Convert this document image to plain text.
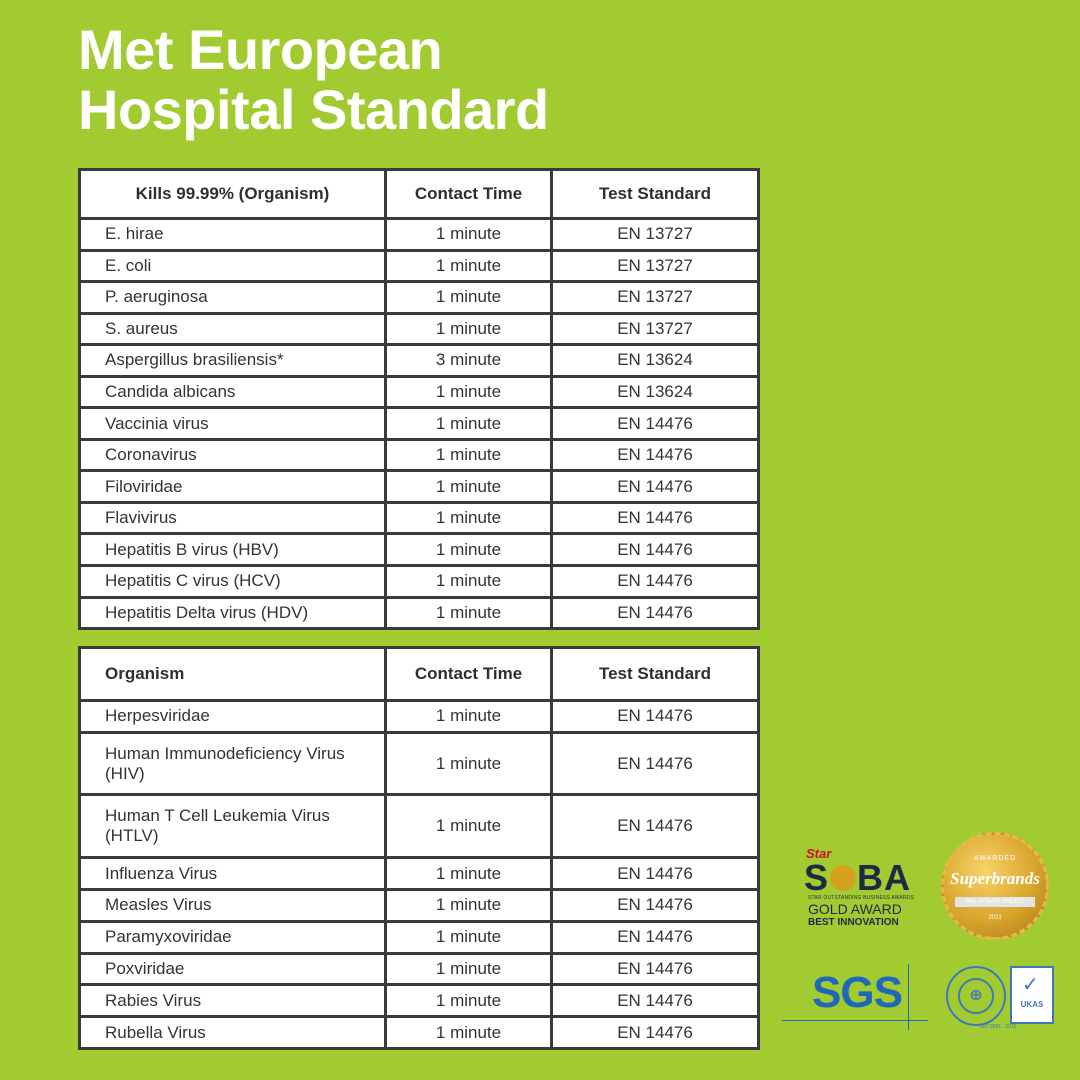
Met European
Hospital Standard
Kills 99.99% (Organism)	Contact Time	Test Standard
E. hirae	1 minute	EN 13727
E. coli	1 minute	EN 13727
P. aeruginosa	1 minute	EN 13727
S. aureus	1 minute	EN 13727
Aspergillus brasiliensis*	3 minute	EN 13624
Candida albicans	1 minute	EN 13624
Vaccinia virus	1 minute	EN 14476
Coronavirus	1 minute	EN 14476
Filoviridae	1 minute	EN 14476
Flavivirus	1 minute	EN 14476
Hepatitis B virus (HBV)	1 minute	EN 14476
Hepatitis C virus (HCV)	1 minute	EN 14476
Hepatitis Delta virus (HDV)	1 minute	EN 14476
Organism	Contact Time	Test Standard
Herpesviridae	1 minute	EN 14476
Human Immunodeficiency Virus (HIV)	1 minute	EN 14476
Human T Cell Leukemia Virus (HTLV)	1 minute	EN 14476
Influenza Virus	1 minute	EN 14476
Measles Virus	1 minute	EN 14476
Paramyxoviridae	1 minute	EN 14476
Poxviridae	1 minute	EN 14476
Rabies Virus	1 minute	EN 14476
Rubella Virus	1 minute	EN 14476
Star
S BA
STAR OUTSTANDING BUSINESS AWARDS
GOLD AWARD
BEST INNOVATION
AWARDED
Superbrands
MALAYSIA'S CHOICE
2021
SGS	⊕	✓
UKAS
ISO 9001 : 2015
